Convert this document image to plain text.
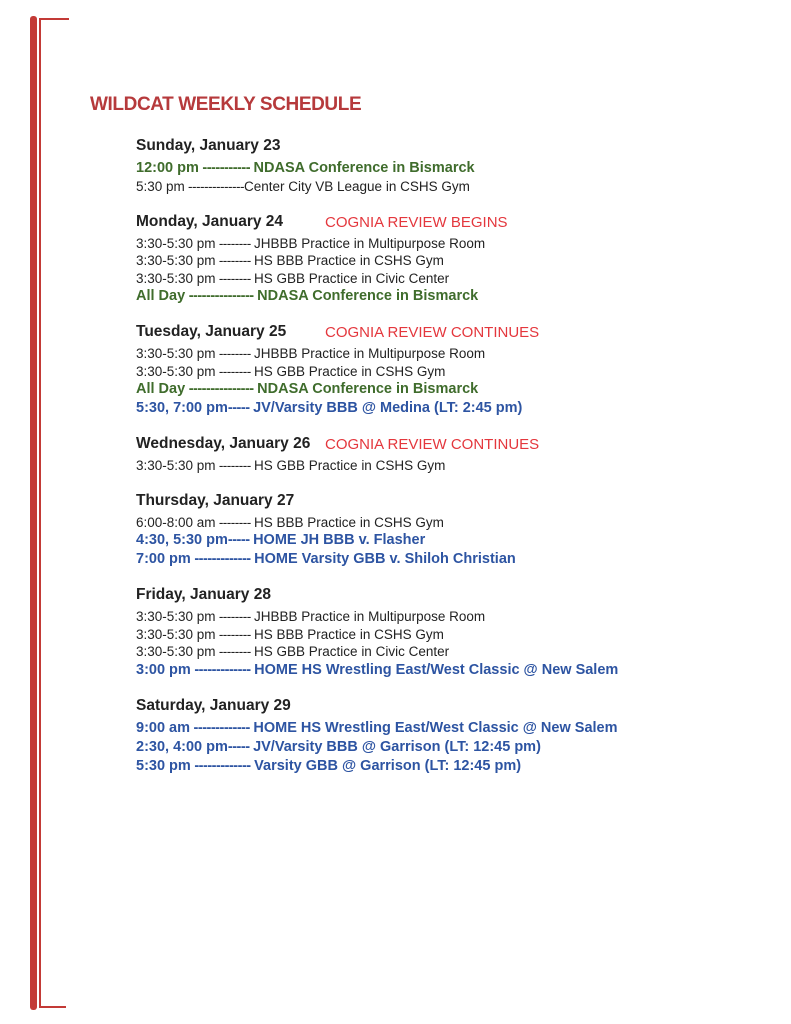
WILDCAT WEEKLY SCHEDULE
Sunday, January 23
12:00 pm ----------- NDASA Conference in Bismarck
5:30 pm --------------Center City VB League in CSHS Gym
Monday, January 24	COGNIA REVIEW BEGINS
3:30-5:30 pm -------- JHBBB Practice in Multipurpose Room
3:30-5:30 pm -------- HS BBB Practice in CSHS Gym
3:30-5:30 pm -------- HS GBB Practice in Civic Center
All Day --------------- NDASA Conference in Bismarck
Tuesday, January 25	COGNIA REVIEW CONTINUES
3:30-5:30 pm -------- JHBBB Practice in Multipurpose Room
3:30-5:30 pm -------- HS GBB Practice in CSHS Gym
All Day --------------- NDASA Conference in Bismarck
5:30, 7:00 pm----- JV/Varsity BBB @ Medina (LT: 2:45 pm)
Wednesday, January 26 COGNIA REVIEW CONTINUES
3:30-5:30 pm -------- HS GBB Practice in CSHS Gym
Thursday, January 27
6:00-8:00 am -------- HS BBB Practice in CSHS Gym
4:30, 5:30 pm----- HOME JH BBB v. Flasher
7:00 pm ------------- HOME Varsity GBB v. Shiloh Christian
Friday, January 28
3:30-5:30 pm -------- JHBBB Practice in Multipurpose Room
3:30-5:30 pm -------- HS BBB Practice in CSHS Gym
3:30-5:30 pm -------- HS GBB Practice in Civic Center
3:00 pm ------------- HOME HS Wrestling East/West Classic @ New Salem
Saturday, January 29
9:00 am ------------- HOME HS Wrestling East/West Classic @ New Salem
2:30, 4:00 pm----- JV/Varsity BBB @ Garrison (LT: 12:45 pm)
5:30 pm ------------- Varsity GBB @ Garrison (LT: 12:45 pm)
